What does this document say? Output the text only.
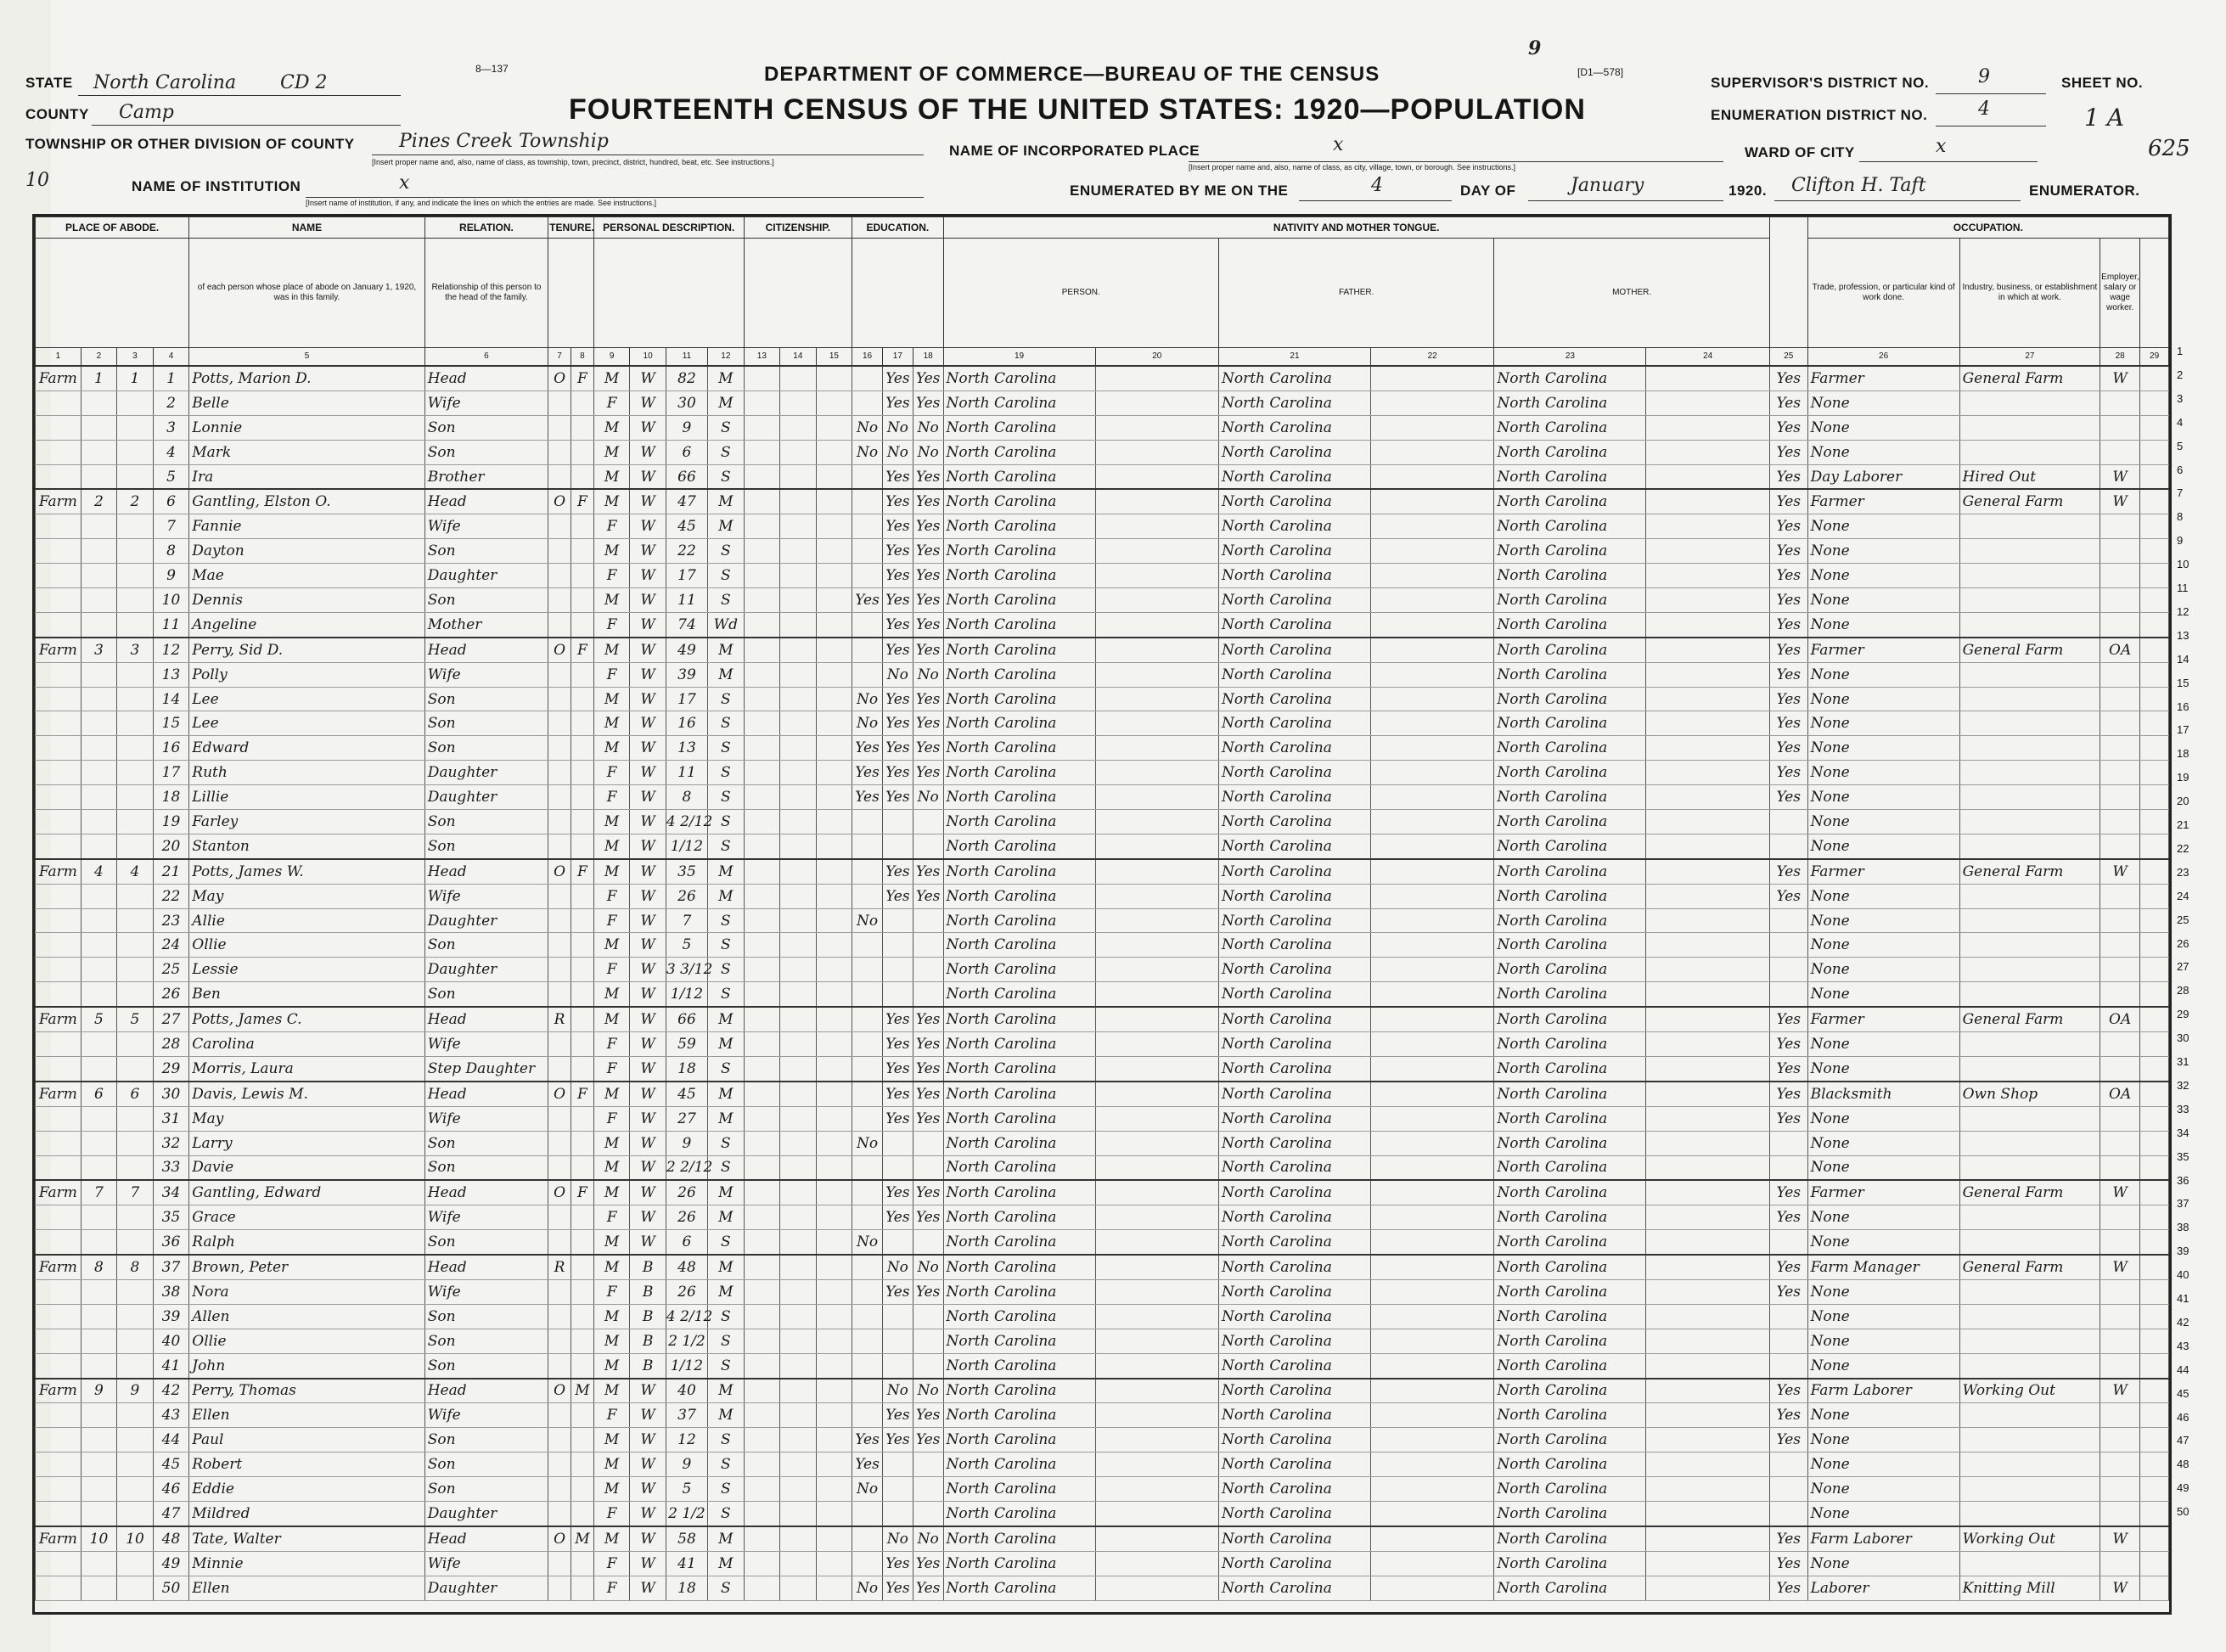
STATE North Carolina CD 2
COUNTY Camp
TOWNSHIP OR OTHER DIVISION OF COUNTY Pines Creek Township
[Insert proper name and, also, name of class, as township, town, precinct, district, hundred, beat, etc. See instructions.]
10	NAME OF INSTITUTION	x
[Insert name of institution, if any, and indicate the lines on which the entries are made. See instructions.]
8—137	DEPARTMENT OF COMMERCE—BUREAU OF THE CENSUS
9
[D1—578]
FOURTEENTH CENSUS OF THE UNITED STATES: 1920—POPULATION
NAME OF INCORPORATED PLACE	x
[Insert proper name and, also, name of class, as city, village, town, or borough. See instructions.]
ENUMERATED BY ME ON THE	4	DAY OF	January	1920. Clifton H. Taft	ENUMERATOR.
SUPERVISOR'S DISTRICT NO.	9	SHEET NO.
ENUMERATION DISTRICT NO.	4	1 A
WARD OF CITY	x	625
PLACE OF ABODE.				NAME	RELATION.	TENURE.		PERSONAL DESCRIPTION.				CITIZENSHIP.			EDUCATION.			NATIVITY AND MOTHER TONGUE.							OCCUPATION.			
				of each person whose place of abode on January 1, 1920, was in this family.	Relationship of this person to the head of the family.													PERSON.		FATHER.		MOTHER.			Trade, profession, or particular kind of work done.	Industry, business, or establishment in which at work.	Employer, salary or wage worker.	
1	2	3	4	5	6	7	8	9	10	11	12	13	14	15	16	17	18	19	20	21	22	23	24	25	26	27	28	29
Farm	1	1	1	Potts, Marion D.	Head	O	F	M	W	82	M					Yes	Yes	North Carolina		North Carolina		North Carolina		Yes	Farmer	General Farm	W	
			2	Belle	Wife			F	W	30	M					Yes	Yes	North Carolina		North Carolina		North Carolina		Yes	None			
			3	Lonnie	Son			M	W	9	S				No	No	No	North Carolina		North Carolina		North Carolina		Yes	None			
			4	Mark	Son			M	W	6	S				No	No	No	North Carolina		North Carolina		North Carolina		Yes	None			
			5	Ira	Brother			M	W	66	S					Yes	Yes	North Carolina		North Carolina		North Carolina		Yes	Day Laborer	Hired Out	W	
Farm	2	2	6	Gantling, Elston O.	Head	O	F	M	W	47	M					Yes	Yes	North Carolina		North Carolina		North Carolina		Yes	Farmer	General Farm	W	
			7	Fannie	Wife			F	W	45	M					Yes	Yes	North Carolina		North Carolina		North Carolina		Yes	None			
			8	Dayton	Son			M	W	22	S					Yes	Yes	North Carolina		North Carolina		North Carolina		Yes	None			
			9	Mae	Daughter			F	W	17	S					Yes	Yes	North Carolina		North Carolina		North Carolina		Yes	None			
			10	Dennis	Son			M	W	11	S				Yes	Yes	Yes	North Carolina		North Carolina		North Carolina		Yes	None			
			11	Angeline	Mother			F	W	74	Wd					Yes	Yes	North Carolina		North Carolina		North Carolina		Yes	None			
Farm	3	3	12	Perry, Sid D.	Head	O	F	M	W	49	M					Yes	Yes	North Carolina		North Carolina		North Carolina		Yes	Farmer	General Farm	OA	
			13	Polly	Wife			F	W	39	M					No	No	North Carolina		North Carolina		North Carolina		Yes	None			
			14	Lee	Son			M	W	17	S				No	Yes	Yes	North Carolina		North Carolina		North Carolina		Yes	None			
			15	Lee	Son			M	W	16	S				No	Yes	Yes	North Carolina		North Carolina		North Carolina		Yes	None			
			16	Edward	Son			M	W	13	S				Yes	Yes	Yes	North Carolina		North Carolina		North Carolina		Yes	None			
			17	Ruth	Daughter			F	W	11	S				Yes	Yes	Yes	North Carolina		North Carolina		North Carolina		Yes	None			
			18	Lillie	Daughter			F	W	8	S				Yes	Yes	No	North Carolina		North Carolina		North Carolina		Yes	None			
			19	Farley	Son			M	W	4 2/12	S							North Carolina		North Carolina		North Carolina			None			
			20	Stanton	Son			M	W	1/12	S							North Carolina		North Carolina		North Carolina			None			
Farm	4	4	21	Potts, James W.	Head	O	F	M	W	35	M					Yes	Yes	North Carolina		North Carolina		North Carolina		Yes	Farmer	General Farm	W	
			22	May	Wife			F	W	26	M					Yes	Yes	North Carolina		North Carolina		North Carolina		Yes	None			
			23	Allie	Daughter			F	W	7	S				No			North Carolina		North Carolina		North Carolina			None			
			24	Ollie	Son			M	W	5	S							North Carolina		North Carolina		North Carolina			None			
			25	Lessie	Daughter			F	W	3 3/12	S							North Carolina		North Carolina		North Carolina			None			
			26	Ben	Son			M	W	1/12	S							North Carolina		North Carolina		North Carolina			None			
Farm	5	5	27	Potts, James C.	Head	R		M	W	66	M					Yes	Yes	North Carolina		North Carolina		North Carolina		Yes	Farmer	General Farm	OA	
			28	Carolina	Wife			F	W	59	M					Yes	Yes	North Carolina		North Carolina		North Carolina		Yes	None			
			29	Morris, Laura	Step Daughter			F	W	18	S					Yes	Yes	North Carolina		North Carolina		North Carolina		Yes	None			
Farm	6	6	30	Davis, Lewis M.	Head	O	F	M	W	45	M					Yes	Yes	North Carolina		North Carolina		North Carolina		Yes	Blacksmith	Own Shop	OA	
			31	May	Wife			F	W	27	M					Yes	Yes	North Carolina		North Carolina		North Carolina		Yes	None			
			32	Larry	Son			M	W	9	S				No			North Carolina		North Carolina		North Carolina			None			
			33	Davie	Son			M	W	2 2/12	S							North Carolina		North Carolina		North Carolina			None			
Farm	7	7	34	Gantling, Edward	Head	O	F	M	W	26	M					Yes	Yes	North Carolina		North Carolina		North Carolina		Yes	Farmer	General Farm	W	
			35	Grace	Wife			F	W	26	M					Yes	Yes	North Carolina		North Carolina		North Carolina		Yes	None			
			36	Ralph	Son			M	W	6	S				No			North Carolina		North Carolina		North Carolina			None			
Farm	8	8	37	Brown, Peter	Head	R		M	B	48	M					No	No	North Carolina		North Carolina		North Carolina		Yes	Farm Manager	General Farm	W	
			38	Nora	Wife			F	B	26	M					Yes	Yes	North Carolina		North Carolina		North Carolina		Yes	None			
			39	Allen	Son			M	B	4 2/12	S							North Carolina		North Carolina		North Carolina			None			
			40	Ollie	Son			M	B	2 1/2	S							North Carolina		North Carolina		North Carolina			None			
			41	John	Son			M	B	1/12	S							North Carolina		North Carolina		North Carolina			None			
Farm	9	9	42	Perry, Thomas	Head	O	M	M	W	40	M					No	No	North Carolina		North Carolina		North Carolina		Yes	Farm Laborer	Working Out	W	
			43	Ellen	Wife			F	W	37	M					Yes	Yes	North Carolina		North Carolina		North Carolina		Yes	None			
			44	Paul	Son			M	W	12	S				Yes	Yes	Yes	North Carolina		North Carolina		North Carolina		Yes	None			
			45	Robert	Son			M	W	9	S				Yes			North Carolina		North Carolina		North Carolina			None			
			46	Eddie	Son			M	W	5	S				No			North Carolina		North Carolina		North Carolina			None			
			47	Mildred	Daughter			F	W	2 1/2	S							North Carolina		North Carolina		North Carolina			None			
Farm	10	10	48	Tate, Walter	Head	O	M	M	W	58	M					No	No	North Carolina		North Carolina		North Carolina		Yes	Farm Laborer	Working Out	W	
			49	Minnie	Wife			F	W	41	M					Yes	Yes	North Carolina		North Carolina		North Carolina		Yes	None			
			50	Ellen	Daughter			F	W	18	S				No	Yes	Yes	North Carolina		North Carolina		North Carolina		Yes	Laborer	Knitting Mill	W	
1
2
3
4
5
6
7
8
9
10
11
12
13
14
15
16
17
18
19
20
21
22
23
24
25
26
27
28
29
30
31
32
33
34
35
36
37
38
39
40
41
42
43
44
45
46
47
48
49
50
